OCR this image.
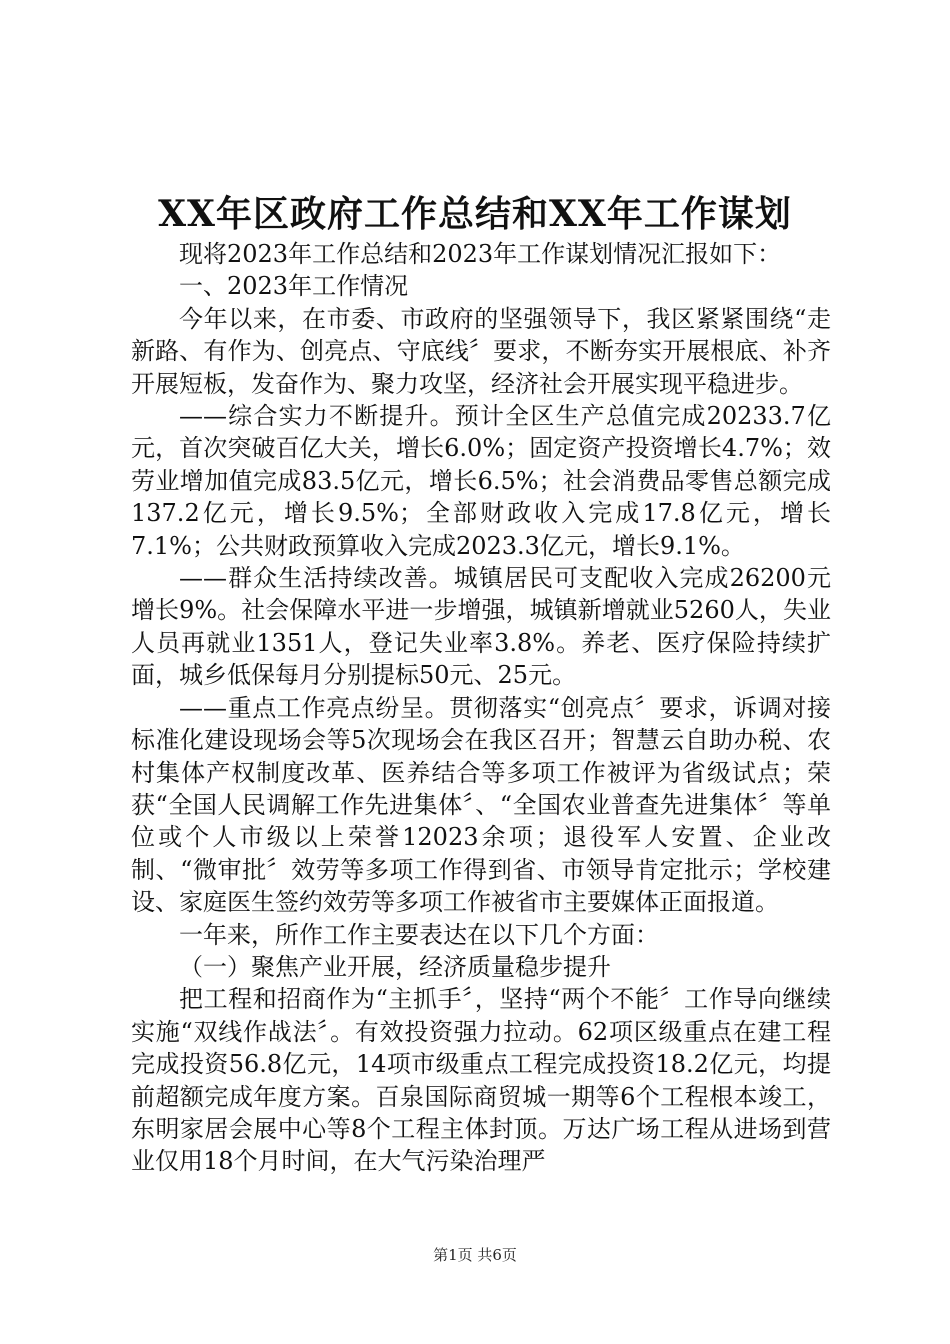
XX年区政府工作总结和XX年工作谋划

现将2023年工作总结和2023年工作谋划情况汇报如下：

一、2023年工作情况

今年以来，在市委、市政府的坚强领导下，我区紧紧围绕“走新路、有作为、创亮点、守底线〞要求，不断夯实开展根底、补齐开展短板，发奋作为、聚力攻坚，经济社会开展实现平稳进步。

——综合实力不断提升。预计全区生产总值完成20233.7亿元，首次突破百亿大关，增长6.0%；固定资产投资增长4.7%；效劳业增加值完成83.5亿元，增长6.5%；社会消费品零售总额完成137.2亿元，增长9.5%；全部财政收入完成17.8亿元，增长7.1%；公共财政预算收入完成2023.3亿元，增长9.1%。

——群众生活持续改善。城镇居民可支配收入完成26200元增长9%。社会保障水平进一步增强，城镇新增就业5260人，失业人员再就业1351人，登记失业率3.8%。养老、医疗保险持续扩面，城乡低保每月分别提标50元、25元。

——重点工作亮点纷呈。贯彻落实“创亮点〞要求，诉调对接标准化建设现场会等5次现场会在我区召开；智慧云自助办税、农村集体产权制度改革、医养结合等多项工作被评为省级试点；荣获“全国人民调解工作先进集体〞、“全国农业普查先进集体〞等单位或个人市级以上荣誉12023余项；退役军人安置、企业改制、“微审批〞效劳等多项工作得到省、市领导肯定批示；学校建设、家庭医生签约效劳等多项工作被省市主要媒体正面报道。

一年来，所作工作主要表达在以下几个方面：

（一）聚焦产业开展，经济质量稳步提升

把工程和招商作为“主抓手〞，坚持“两个不能〞工作导向继续实施“双线作战法〞。有效投资强力拉动。62项区级重点在建工程完成投资56.8亿元，14项市级重点工程完成投资18.2亿元，均提前超额完成年度方案。百泉国际商贸城一期等6个工程根本竣工，东明家居会展中心等8个工程主体封顶。万达广场工程从进场到营业仅用18个月时间，在大气污染治理严

第1页 共6页
